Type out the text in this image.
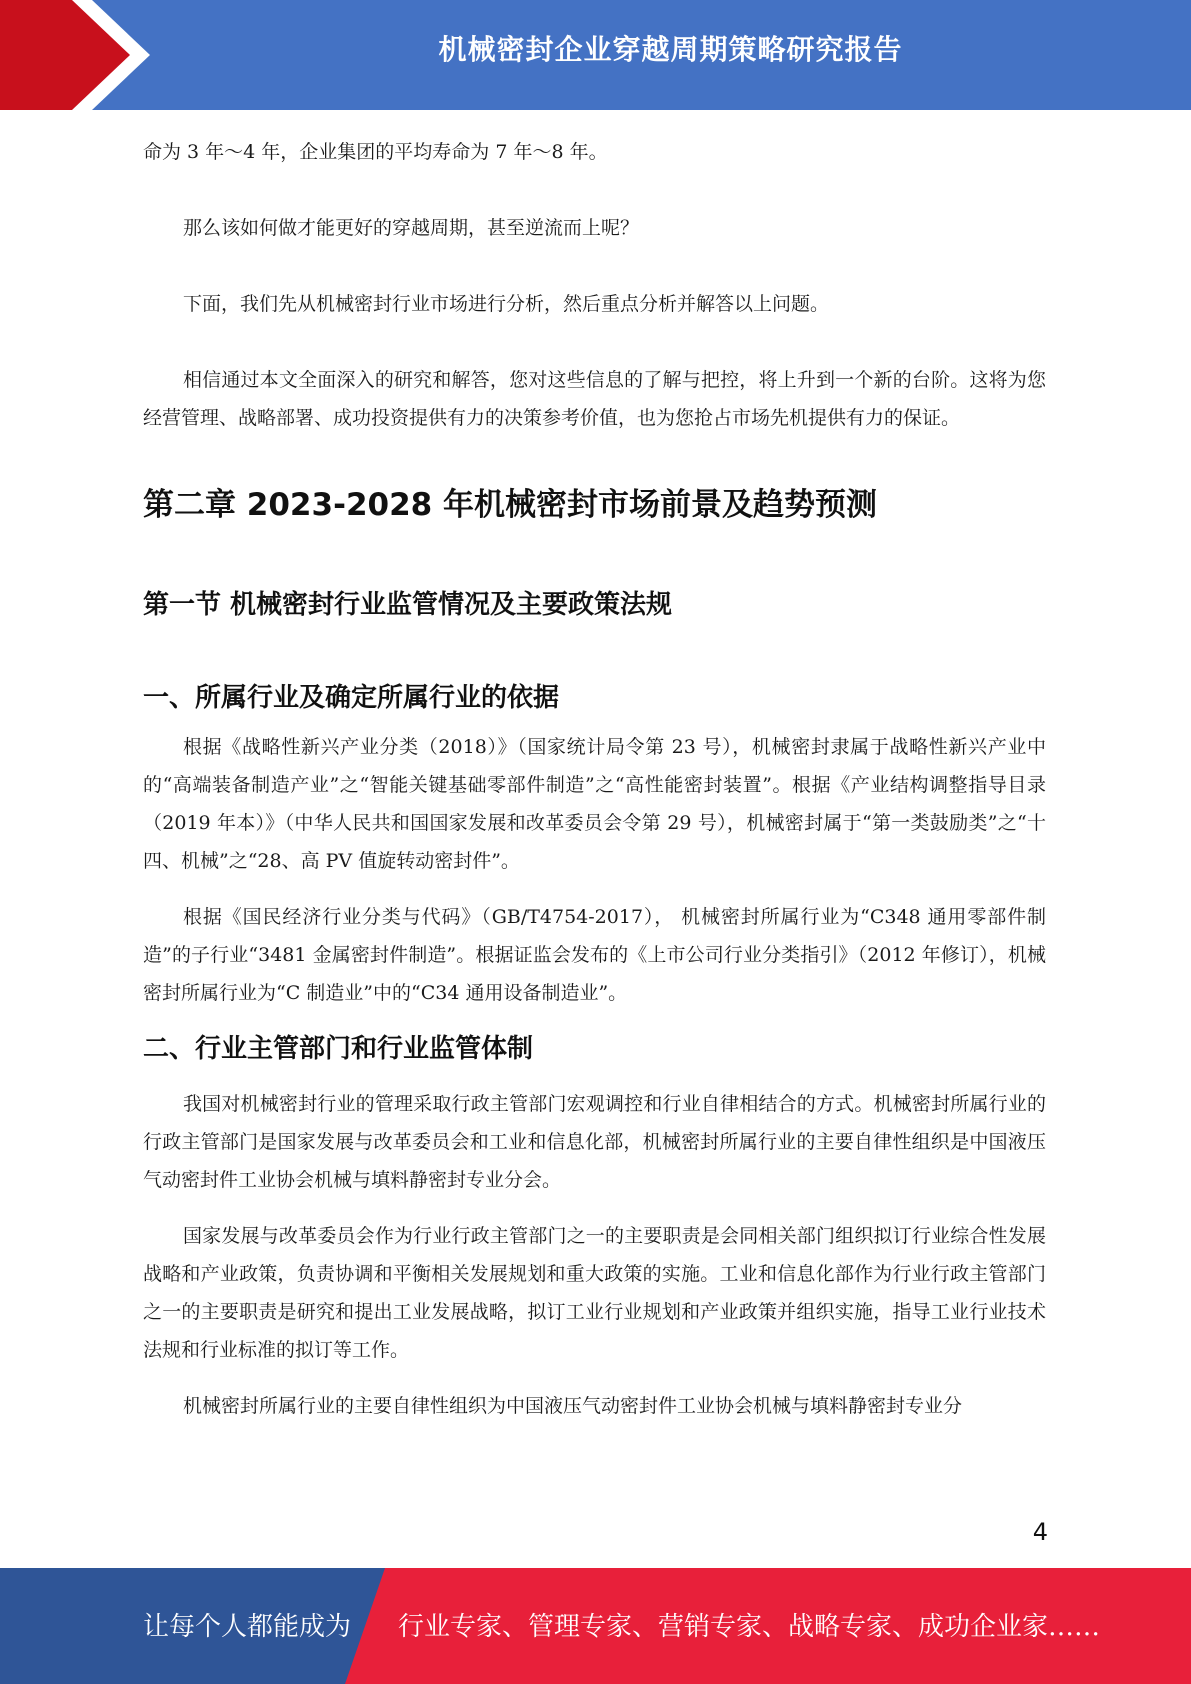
机械密封企业穿越周期策略研究报告

命为 3 年～4 年，企业集团的平均寿命为 7 年～8 年。

那么该如何做才能更好的穿越周期，甚至逆流而上呢？

下面，我们先从机械密封行业市场进行分析，然后重点分析并解答以上问题。

相信通过本文全面深入的研究和解答，您对这些信息的了解与把控，将上升到一个新的台阶。这将为您经营管理、战略部署、成功投资提供有力的决策参考价值，也为您抢占市场先机提供有力的保证。

第二章 2023-2028 年机械密封市场前景及趋势预测
第一节 机械密封行业监管情况及主要政策法规
一、所属行业及确定所属行业的依据

根据《战略性新兴产业分类（2018）》（国家统计局令第 23 号），机械密封隶属于战略性新兴产业中的“高端装备制造产业”之“智能关键基础零部件制造”之“高性能密封装置”。根据《产业结构调整指导目录（2019 年本）》（中华人民共和国国家发展和改革委员会令第 29 号），机械密封属于“第一类鼓励类”之“十四、机械”之“28、高 PV 值旋转动密封件”。

根据《国民经济行业分类与代码》（GB/T4754-2017）， 机械密封所属行业为“C348 通用零部件制造”的子行业“3481 金属密封件制造”。根据证监会发布的《上市公司行业分类指引》（2012 年修订），机械密封所属行业为“C 制造业”中的“C34 通用设备制造业”。

二、行业主管部门和行业监管体制

我国对机械密封行业的管理采取行政主管部门宏观调控和行业自律相结合的方式。机械密封所属行业的行政主管部门是国家发展与改革委员会和工业和信息化部，机械密封所属行业的主要自律性组织是中国液压气动密封件工业协会机械与填料静密封专业分会。

国家发展与改革委员会作为行业行政主管部门之一的主要职责是会同相关部门组织拟订行业综合性发展战略和产业政策，负责协调和平衡相关发展规划和重大政策的实施。工业和信息化部作为行业行政主管部门之一的主要职责是研究和提出工业发展战略，拟订工业行业规划和产业政策并组织实施，指导工业行业技术法规和行业标准的拟订等工作。

机械密封所属行业的主要自律性组织为中国液压气动密封件工业协会机械与填料静密封专业分

4
让每个人都能成为 行业专家、管理专家、营销专家、战略专家、成功企业家……
